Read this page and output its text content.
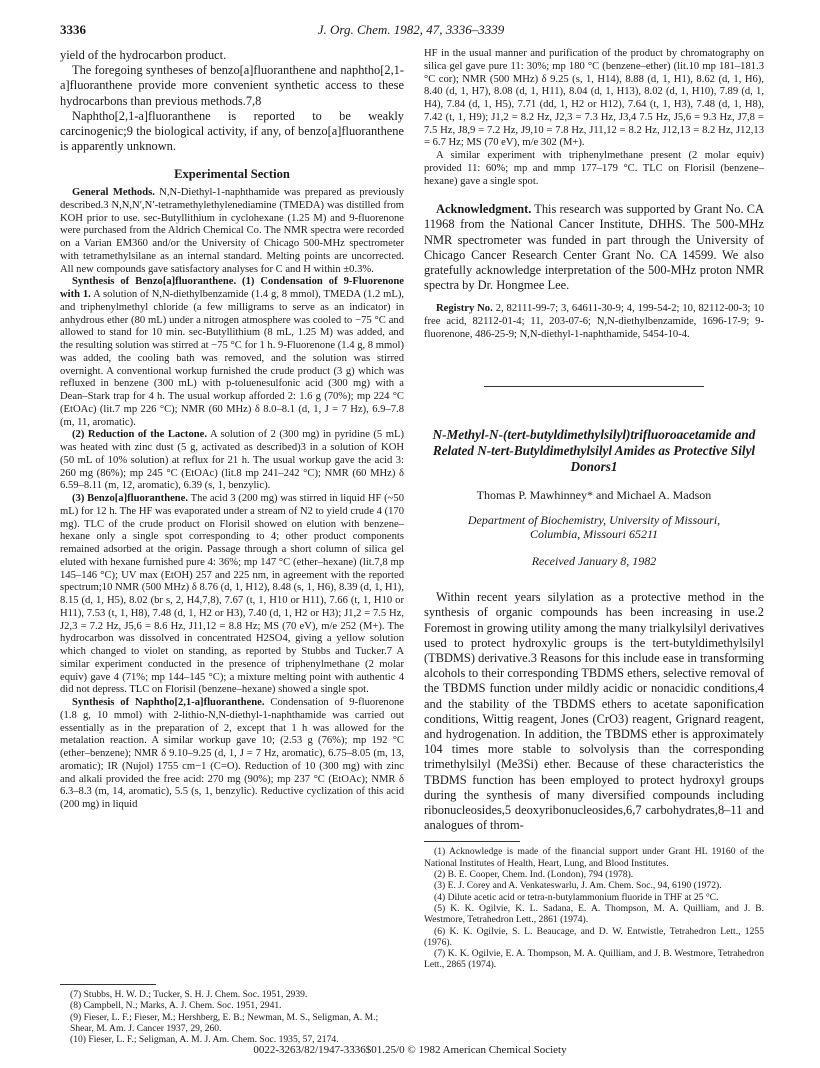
3336	J. Org. Chem. 1982, 47, 3336–3339

yield of the hydrocarbon product.

The foregoing syntheses of benzo[a]fluoranthene and naphtho[2,1-a]fluoranthene provide more convenient synthetic access to these hydrocarbons than previous methods.7,8

Naphtho[2,1-a]fluoranthene is reported to be weakly carcinogenic;9 the biological activity, if any, of benzo[a]fluoranthene is apparently unknown.

Experimental Section

General Methods. N,N-Diethyl-1-naphthamide was prepared as previously described.3 N,N,N′,N′-tetramethylethylenediamine (TMEDA) was distilled from KOH prior to use. sec-Butyllithium in cyclohexane (1.25 M) and 9-fluorenone were purchased from the Aldrich Chemical Co. The NMR spectra were recorded on a Varian EM360 and/or the University of Chicago 500-MHz spectrometer with tetramethylsilane as an internal standard. Melting points are uncorrected. All new compounds gave satisfactory analyses for C and H within ±0.3%.

Synthesis of Benzo[a]fluoranthene. (1) Condensation of 9-Fluorenone with 1. A solution of N,N-diethylbenzamide (1.4 g, 8 mmol), TMEDA (1.2 mL), and triphenylmethyl chloride (a few milligrams to serve as an indicator) in anhydrous ether (80 mL) under a nitrogen atmosphere was cooled to −75 °C and allowed to stand for 10 min. sec-Butyllithium (8 mL, 1.25 M) was added, and the resulting solution was stirred at −75 °C for 1 h. 9-Fluorenone (1.4 g, 8 mmol) was added, the cooling bath was removed, and the solution was stirred overnight. A conventional workup furnished the crude product (3 g) which was refluxed in benzene (300 mL) with p-toluenesulfonic acid (300 mg) with a Dean–Stark trap for 4 h. The usual workup afforded 2: 1.6 g (70%); mp 224 °C (EtOAc) (lit.7 mp 226 °C); NMR (60 MHz) δ 8.0–8.1 (d, 1, J = 7 Hz), 6.9–7.8 (m, 11, aromatic).

(2) Reduction of the Lactone. A solution of 2 (300 mg) in pyridine (5 mL) was heated with zinc dust (5 g, activated as described)3 in a solution of KOH (50 mL of 10% solution) at reflux for 21 h. The usual workup gave the acid 3: 260 mg (86%); mp 245 °C (EtOAc) (lit.8 mp 241–242 °C); NMR (60 MHz) δ 6.59–8.11 (m, 12, aromatic), 6.39 (s, 1, benzylic).

(3) Benzo[a]fluoranthene. The acid 3 (200 mg) was stirred in liquid HF (~50 mL) for 12 h. The HF was evaporated under a stream of N2 to yield crude 4 (170 mg). TLC of the crude product on Florisil showed on elution with benzene–hexane only a single spot corresponding to 4; other product components remained adsorbed at the origin. Passage through a short column of silica gel eluted with hexane furnished pure 4: 36%; mp 147 °C (ether–hexane) (lit.7,8 mp 145–146 °C); UV max (EtOH) 257 and 225 nm, in agreement with the reported spectrum;10 NMR (500 MHz) δ 8.76 (d, 1, H12), 8.48 (s, 1, H6), 8.39 (d, 1, H1), 8.15 (d, 1, H5), 8.02 (br s, 2, H4,7,8), 7.67 (t, 1, H10 or H11), 7.66 (t, 1, H10 or H11), 7.53 (t, 1, H8), 7.48 (d, 1, H2 or H3), 7.40 (d, 1, H2 or H3); J1,2 = 7.5 Hz, J2,3 = 7.2 Hz, J5,6 = 8.6 Hz, J11,12 = 8.8 Hz; MS (70 eV), m/e 252 (M+). The hydrocarbon was dissolved in concentrated H2SO4, giving a yellow solution which changed to violet on standing, as reported by Stubbs and Tucker.7 A similar experiment conducted in the presence of triphenylmethane (2 molar equiv) gave 4 (71%; mp 144–145 °C); a mixture melting point with authentic 4 did not depress. TLC on Florisil (benzene–hexane) showed a single spot.

Synthesis of Naphtho[2,1-a]fluoranthene. Condensation of 9-fluorenone (1.8 g, 10 mmol) with 2-lithio-N,N-diethyl-1-naphthamide was carried out essentially as in the preparation of 2, except that 1 h was allowed for the metalation reaction. A similar workup gave 10; (2.53 g (76%); mp 192 °C (ether–benzene); NMR δ 9.10–9.25 (d, 1, J = 7 Hz, aromatic), 6.75–8.05 (m, 13, aromatic); IR (Nujol) 1755 cm−1 (C=O). Reduction of 10 (300 mg) with zinc and alkali provided the free acid: 270 mg (90%); mp 237 °C (EtOAc); NMR δ 6.3–8.3 (m, 14, aromatic), 5.5 (s, 1, benzylic). Reductive cyclization of this acid (200 mg) in liquid

(7) Stubbs, H. W. D.; Tucker, S. H. J. Chem. Soc. 1951, 2939.

(8) Campbell, N.; Marks, A. J. Chem. Soc. 1951, 2941.

(9) Fieser, L. F.; Fieser, M.; Hershberg, E. B.; Newman, M. S., Seligman, A. M.; Shear, M. Am. J. Cancer 1937, 29, 260.

(10) Fieser, L. F.; Seligman, A. M. J. Am. Chem. Soc. 1935, 57, 2174.

HF in the usual manner and purification of the product by chromatography on silica gel gave pure 11: 30%; mp 180 °C (benzene–ether) (lit.10 mp 181–181.3 °C cor); NMR (500 MHz) δ 9.25 (s, 1, H14), 8.88 (d, 1, H1), 8.62 (d, 1, H6), 8.40 (d, 1, H7), 8.08 (d, 1, H11), 8.04 (d, 1, H13), 8.02 (d, 1, H10), 7.89 (d, 1, H4), 7.84 (d, 1, H5), 7.71 (dd, 1, H2 or H12), 7.64 (t, 1, H3), 7.48 (d, 1, H8), 7.42 (t, 1, H9); J1,2 = 8.2 Hz, J2,3 = 7.3 Hz, J3,4 7.5 Hz, J5,6 = 9.3 Hz, J7,8 = 7.5 Hz, J8,9 = 7.2 Hz, J9,10 = 7.8 Hz, J11,12 = 8.2 Hz, J12,13 = 8.2 Hz, J12,13 = 6.7 Hz; MS (70 eV), m/e 302 (M+).

A similar experiment with triphenylmethane present (2 molar equiv) provided 11: 60%; mp and mmp 177–179 °C. TLC on Florisil (benzene–hexane) gave a single spot.

Acknowledgment. This research was supported by Grant No. CA 11968 from the National Cancer Institute, DHHS. The 500-MHz NMR spectrometer was funded in part through the University of Chicago Cancer Research Center Grant No. CA 14599. We also gratefully acknowledge interpretation of the 500-MHz proton NMR spectra by Dr. Hongmee Lee.

Registry No. 2, 82111-99-7; 3, 64611-30-9; 4, 199-54-2; 10, 82112-00-3; 10 free acid, 82112-01-4; 11, 203-07-6; N,N-diethylbenzamide, 1696-17-9; 9-fluorenone, 486-25-9; N,N-diethyl-1-naphthamide, 5454-10-4.

N-Methyl-N-(tert-butyldimethylsilyl)trifluoroacetamide and Related N-tert-Butyldimethylsilyl Amides as Protective Silyl Donors1
Thomas P. Mawhinney* and Michael A. Madson
Department of Biochemistry, University of Missouri,
Columbia, Missouri 65211
Received January 8, 1982

Within recent years silylation as a protective method in the synthesis of organic compounds has been increasing in use.2 Foremost in growing utility among the many trialkylsilyl derivatives used to protect hydroxylic groups is the tert-butyldimethylsilyl (TBDMS) derivative.3 Reasons for this include ease in transforming alcohols to their corresponding TBDMS ethers, selective removal of the TBDMS function under mildly acidic or nonacidic conditions,4 and the stability of the TBDMS ethers to acetate saponification conditions, Wittig reagent, Jones (CrO3) reagent, Grignard reagent, and hydrogenation. In addition, the TBDMS ether is approximately 104 times more stable to solvolysis than the corresponding trimethylsilyl (Me3Si) ether. Because of these characteristics the TBDMS function has been employed to protect hydroxyl groups during the synthesis of many diversified compounds including ribonucleosides,5 deoxyribonucleosides,6,7 carbohydrates,8–11 and analogues of throm-

(1) Acknowledge is made of the financial support under Grant HL 19160 of the National Institutes of Health, Heart, Lung, and Blood Institutes.

(2) B. E. Cooper, Chem. Ind. (London), 794 (1978).

(3) E. J. Corey and A. Venkateswarlu, J. Am. Chem. Soc., 94, 6190 (1972).

(4) Dilute acetic acid or tetra-n-butylammonium fluoride in THF at 25 °C.

(5) K. K. Ogilvie, K. L. Sadana, E. A. Thompson, M. A. Quilliam, and J. B. Westmore, Tetrahedron Lett., 2861 (1974).

(6) K. K. Ogilvie, S. L. Beaucage, and D. W. Entwistle, Tetrahedron Lett., 1255 (1976).

(7) K. K. Ogilvie, E. A. Thompson, M. A. Quilliam, and J. B. Westmore, Tetrahedron Lett., 2865 (1974).

0022-3263/82/1947-3336$01.25/0 © 1982 American Chemical Society
